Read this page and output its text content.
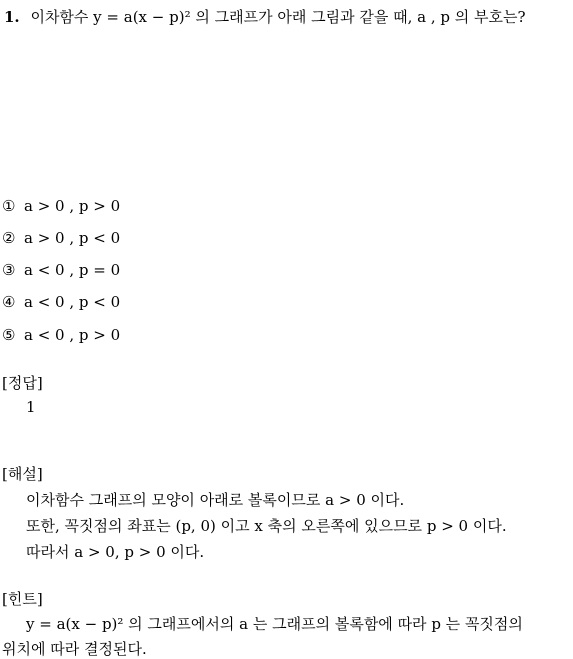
1. 이차함수 y = a(x − p)² 의 그래프가 아래 그림과 같을 때, a , p 의 부호는?
① a > 0 , p > 0
② a > 0 , p < 0
③ a < 0 , p = 0
④ a < 0 , p < 0
⑤ a < 0 , p > 0
[정답]
1
[해설]
이차함수 그래프의 모양이 아래로 볼록이므로 a > 0 이다.
또한, 꼭짓점의 좌표는 (p, 0) 이고 x 축의 오른쪽에 있으므로 p > 0 이다.
따라서 a > 0, p > 0 이다.
[힌트]
y = a(x − p)² 의 그래프에서의 a 는 그래프의 볼록함에 따라 p 는 꼭짓점의
위치에 따라 결정된다.
